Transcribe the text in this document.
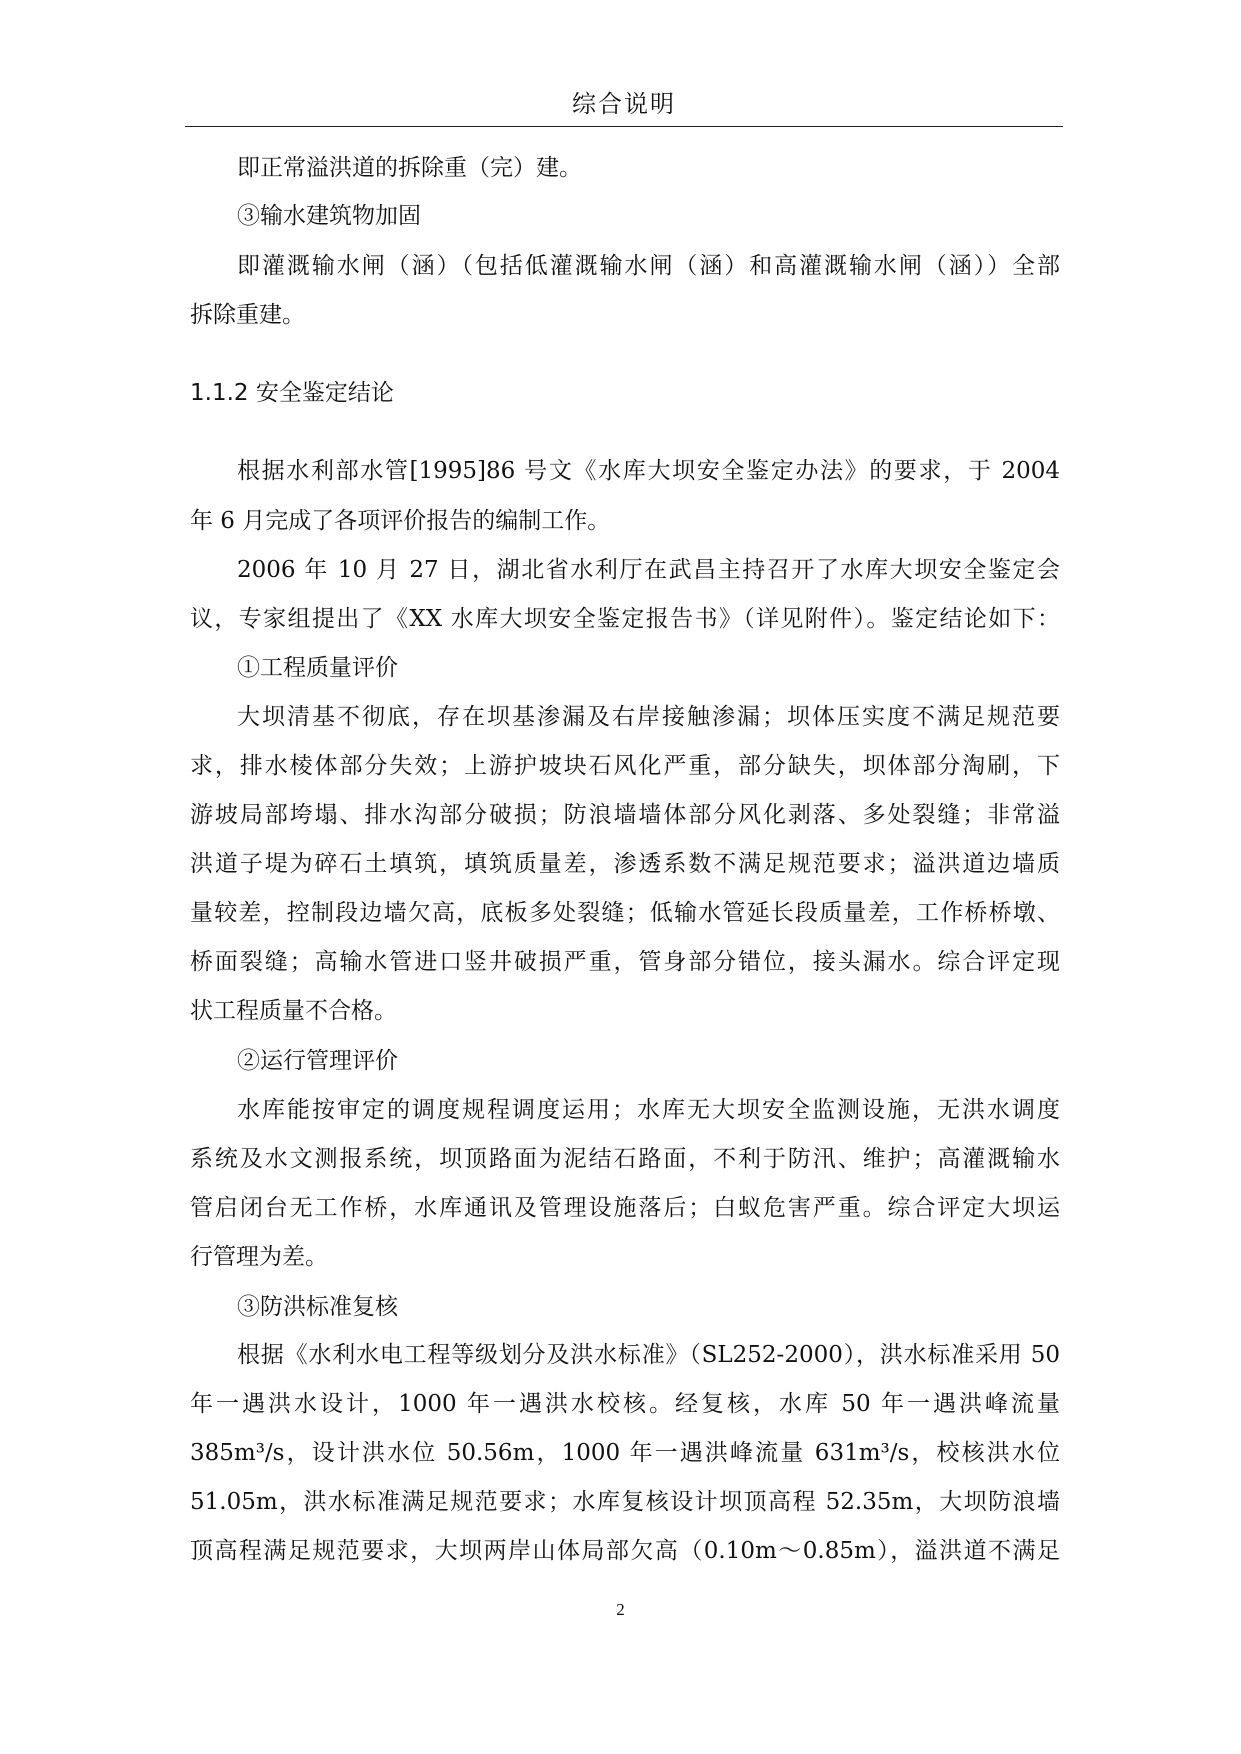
综合说明
即正常溢洪道的拆除重（完）建。
③输水建筑物加固
即灌溉输水闸（涵）（包括低灌溉输水闸（涵）和高灌溉输水闸（涵））全部
拆除重建。
1.1.2 安全鉴定结论
根据水利部水管[1995]86 号文《水库大坝安全鉴定办法》的要求，于 2004
年 6 月完成了各项评价报告的编制工作。
2006 年 10 月 27 日，湖北省水利厅在武昌主持召开了水库大坝安全鉴定会
议，专家组提出了《XX 水库大坝安全鉴定报告书》（详见附件）。鉴定结论如下：
①工程质量评价
大坝清基不彻底，存在坝基渗漏及右岸接触渗漏；坝体压实度不满足规范要
求，排水棱体部分失效；上游护坡块石风化严重，部分缺失，坝体部分淘刷，下
游坡局部垮塌、排水沟部分破损；防浪墙墙体部分风化剥落、多处裂缝；非常溢
洪道子堤为碎石土填筑，填筑质量差，渗透系数不满足规范要求；溢洪道边墙质
量较差，控制段边墙欠高，底板多处裂缝；低输水管延长段质量差，工作桥桥墩、
桥面裂缝；高输水管进口竖井破损严重，管身部分错位，接头漏水。综合评定现
状工程质量不合格。
②运行管理评价
水库能按审定的调度规程调度运用；水库无大坝安全监测设施，无洪水调度
系统及水文测报系统，坝顶路面为泥结石路面，不利于防汛、维护；高灌溉输水
管启闭台无工作桥，水库通讯及管理设施落后；白蚁危害严重。综合评定大坝运
行管理为差。
③防洪标准复核
根据《水利水电工程等级划分及洪水标准》（SL252-2000），洪水标准采用 50
年一遇洪水设计，1000 年一遇洪水校核。经复核，水库 50 年一遇洪峰流量
385m³/s，设计洪水位 50.56m，1000 年一遇洪峰流量 631m³/s，校核洪水位
51.05m，洪水标准满足规范要求；水库复核设计坝顶高程 52.35m，大坝防浪墙
顶高程满足规范要求，大坝两岸山体局部欠高（0.10m～0.85m），溢洪道不满足
2
